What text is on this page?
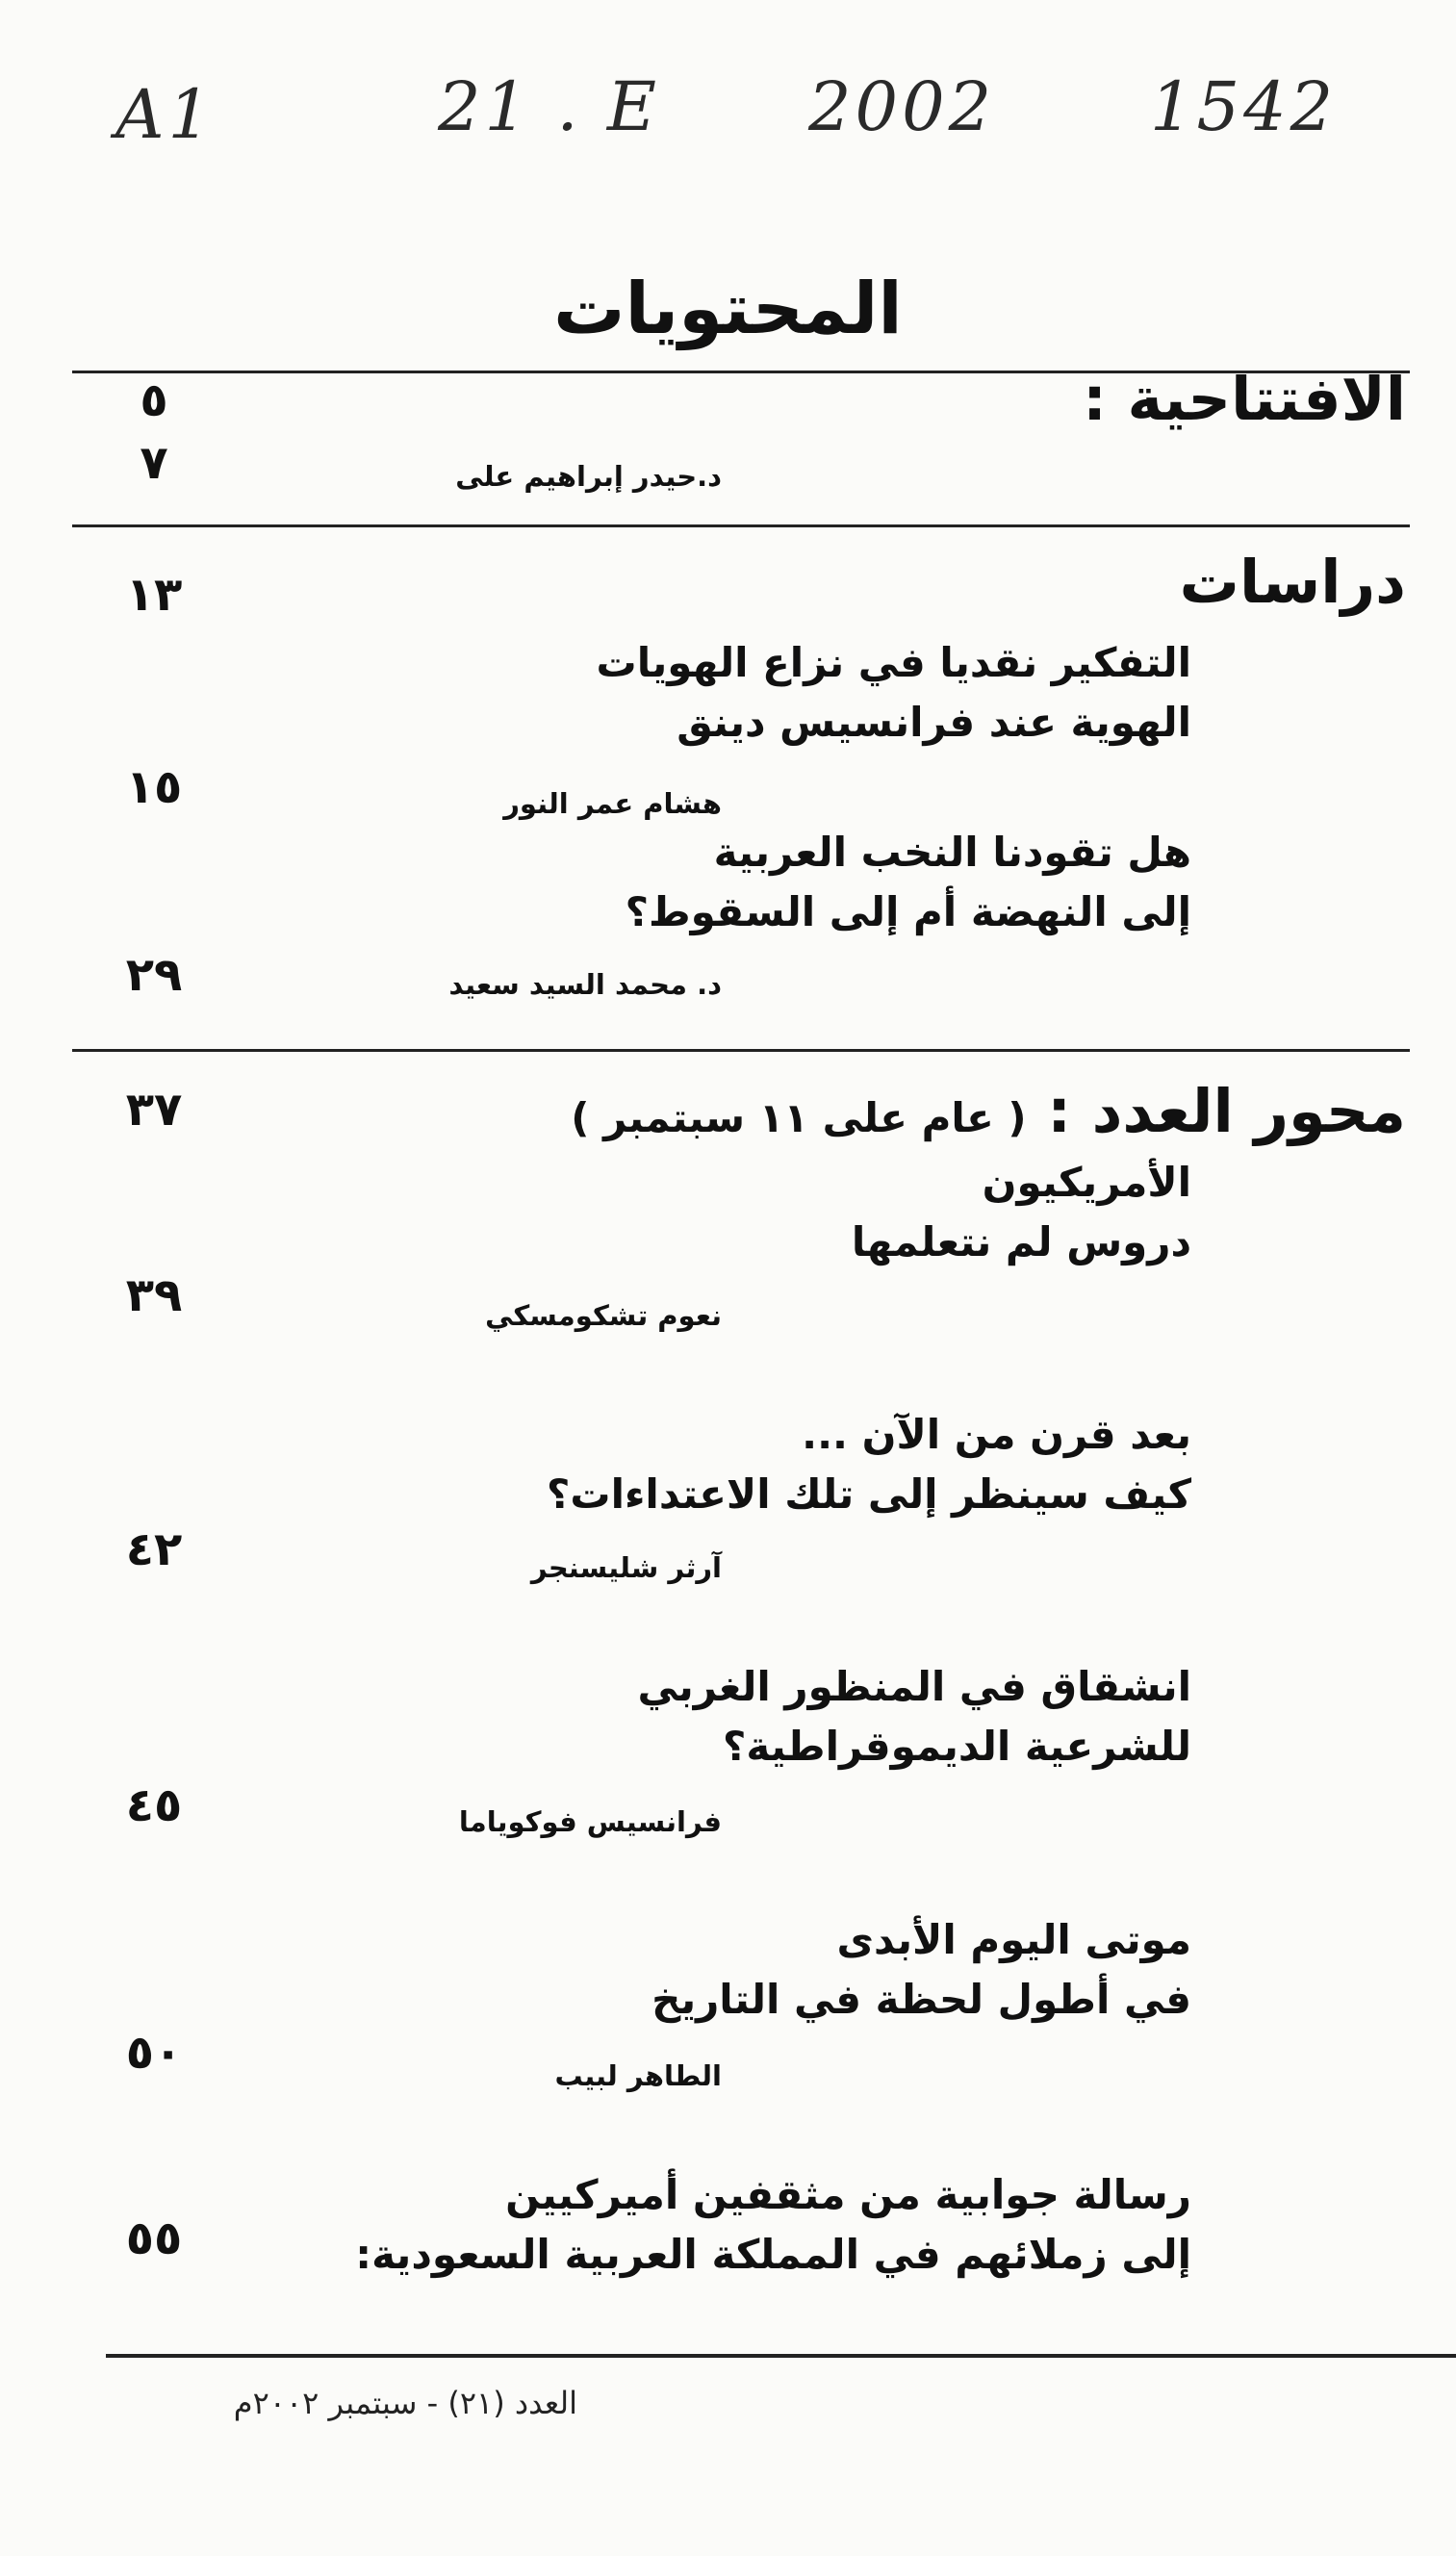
A1	21 . E 2002 1542
المحتويات
الافتتاحية :
٥
د.حيدر إبراهيم على
٧
دراسات
١٣
التفكير نقديا في نزاع الهويات
الهوية عند فرانسيس دينق
هشام عمر النور
١٥
هل تقودنا النخب العربية
إلى النهضة أم إلى السقوط؟
د. محمد السيد سعيد
٢٩
محور العدد : ( عام على ١١ سبتمبر )
٣٧
الأمريكيون
دروس لم نتعلمها
نعوم تشكومسكي
٣٩
بعد قرن من الآن ...
كيف سينظر إلى تلك الاعتداءات؟
آرثر شليسنجر
٤٢
انشقاق في المنظور الغربي
للشرعية الديموقراطية؟
فرانسيس فوكوياما
٤٥
موتى اليوم الأبدى
في أطول لحظة في التاريخ
الطاهر لبيب
٥٠
رسالة جوابية من مثقفين أميركيين
إلى زملائهم في المملكة العربية السعودية:
٥٥
العدد (٢١) - سبتمبر ٢٠٠٢م
